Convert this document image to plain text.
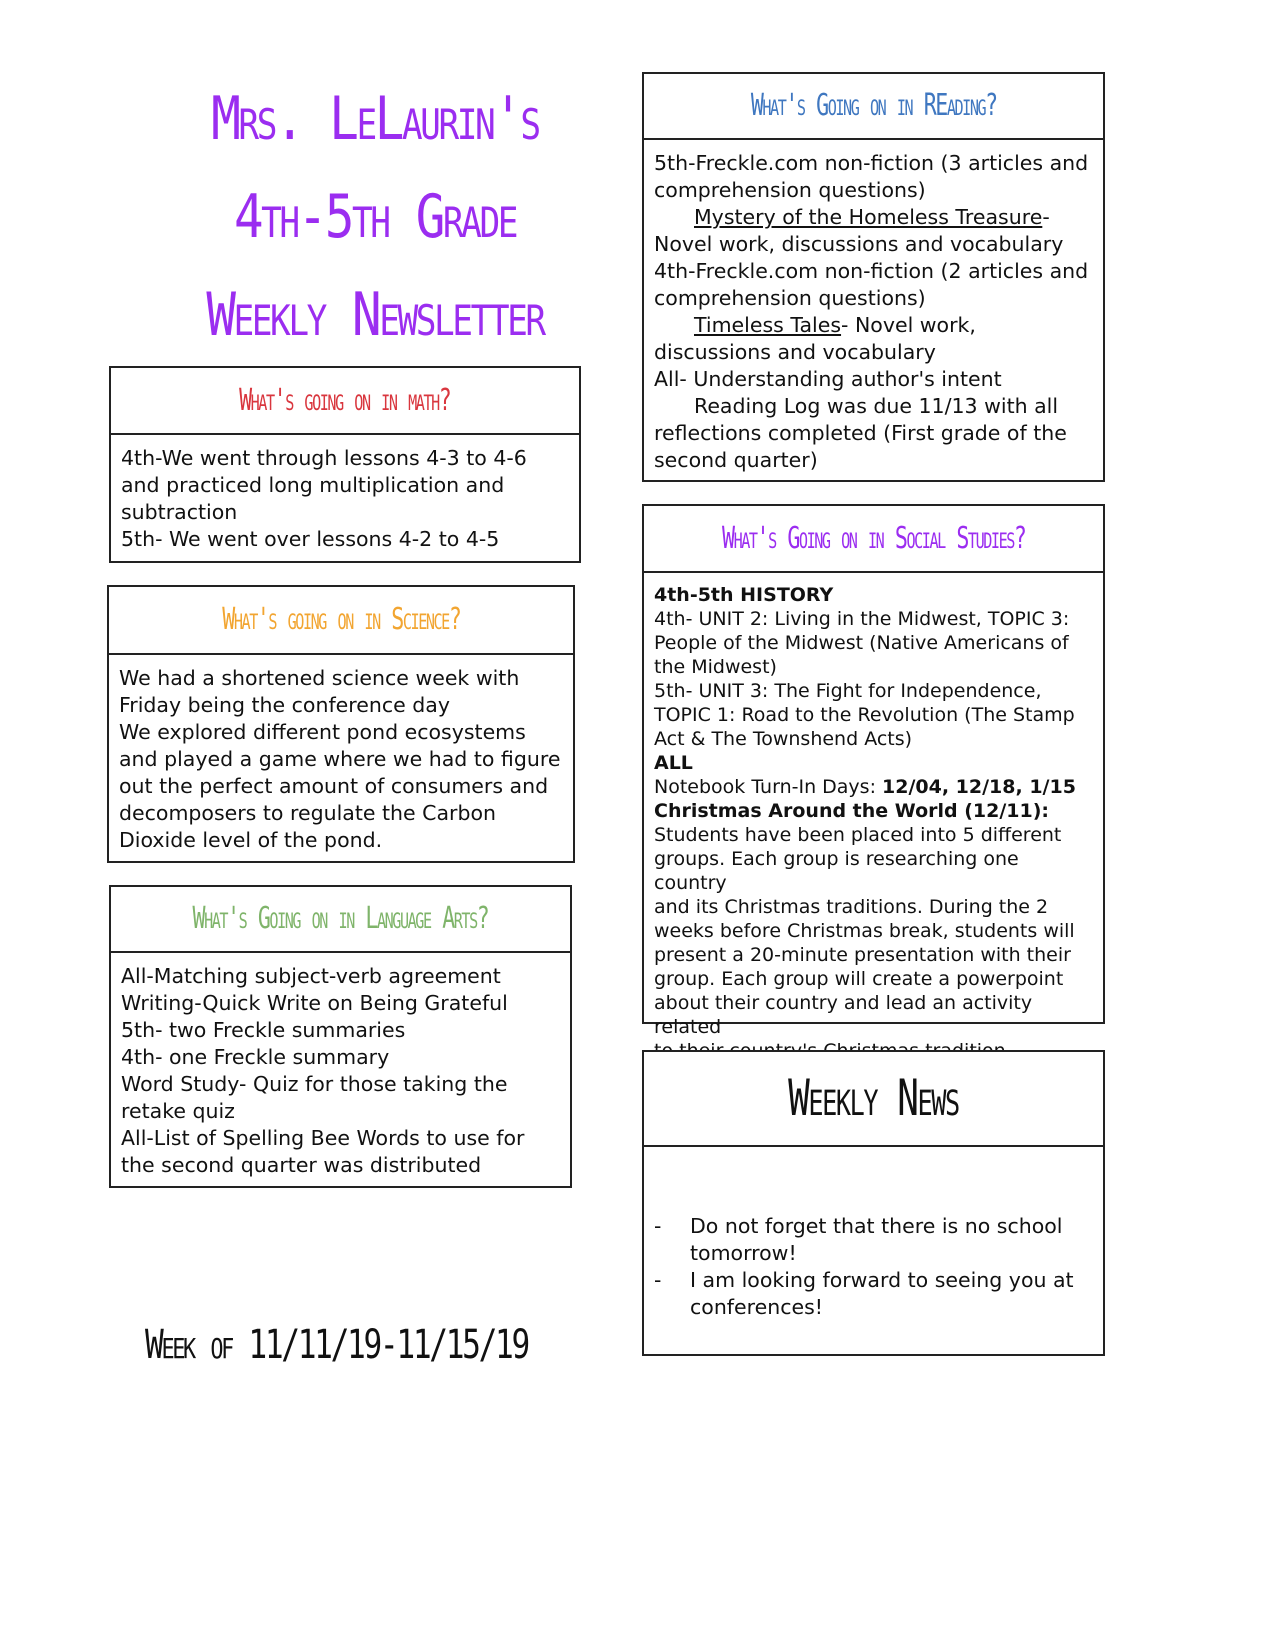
Mrs. LeLaurin's
4th-5th Grade
Weekly Newsletter
What's going on in math?
4th-We went through lessons 4-3 to 4-6
and practiced long multiplication and
subtraction
5th- We went over lessons 4-2 to 4-5
What's going on in Science?
We had a shortened science week with
Friday being the conference day
We explored different pond ecosystems
and played a game where we had to figure
out the perfect amount of consumers and
decomposers to regulate the Carbon
Dioxide level of the pond.
What's Going on in Language Arts?
All-Matching subject-verb agreement
Writing-Quick Write on Being Grateful
5th- two Freckle summaries
4th- one Freckle summary
Word Study- Quiz for those taking the
retake quiz
All-List of Spelling Bee Words to use for
the second quarter was distributed
What's Going on in REading?
5th-Freckle.com non-fiction (3 articles and
comprehension questions)
Mystery of the Homeless Treasure-
Novel work, discussions and vocabulary
4th-Freckle.com non-fiction (2 articles and
comprehension questions)
Timeless Tales- Novel work,
discussions and vocabulary
All- Understanding author's intent
Reading Log was due 11/13 with all
reflections completed (First grade of the
second quarter)
What's Going on in Social Studies?
4th-5th HISTORY
4th- UNIT 2: Living in the Midwest, TOPIC 3:
People of the Midwest (Native Americans of
the Midwest)
5th- UNIT 3: The Fight for Independence,
TOPIC 1: Road to the Revolution (The Stamp
Act & The Townshend Acts)
ALL
Notebook Turn-In Days: 12/04, 12/18, 1/15
Christmas Around the World (12/11):
Students have been placed into 5 different
groups. Each group is researching one country
and its Christmas traditions. During the 2
weeks before Christmas break, students will
present a 20-minute presentation with their
group. Each group will create a powerpoint
about their country and lead an activity related
Weekly News
- Do not forget that there is no school tomorrow!
- I am looking forward to seeing you at conferences!
Week of 11/11/19-11/15/19
